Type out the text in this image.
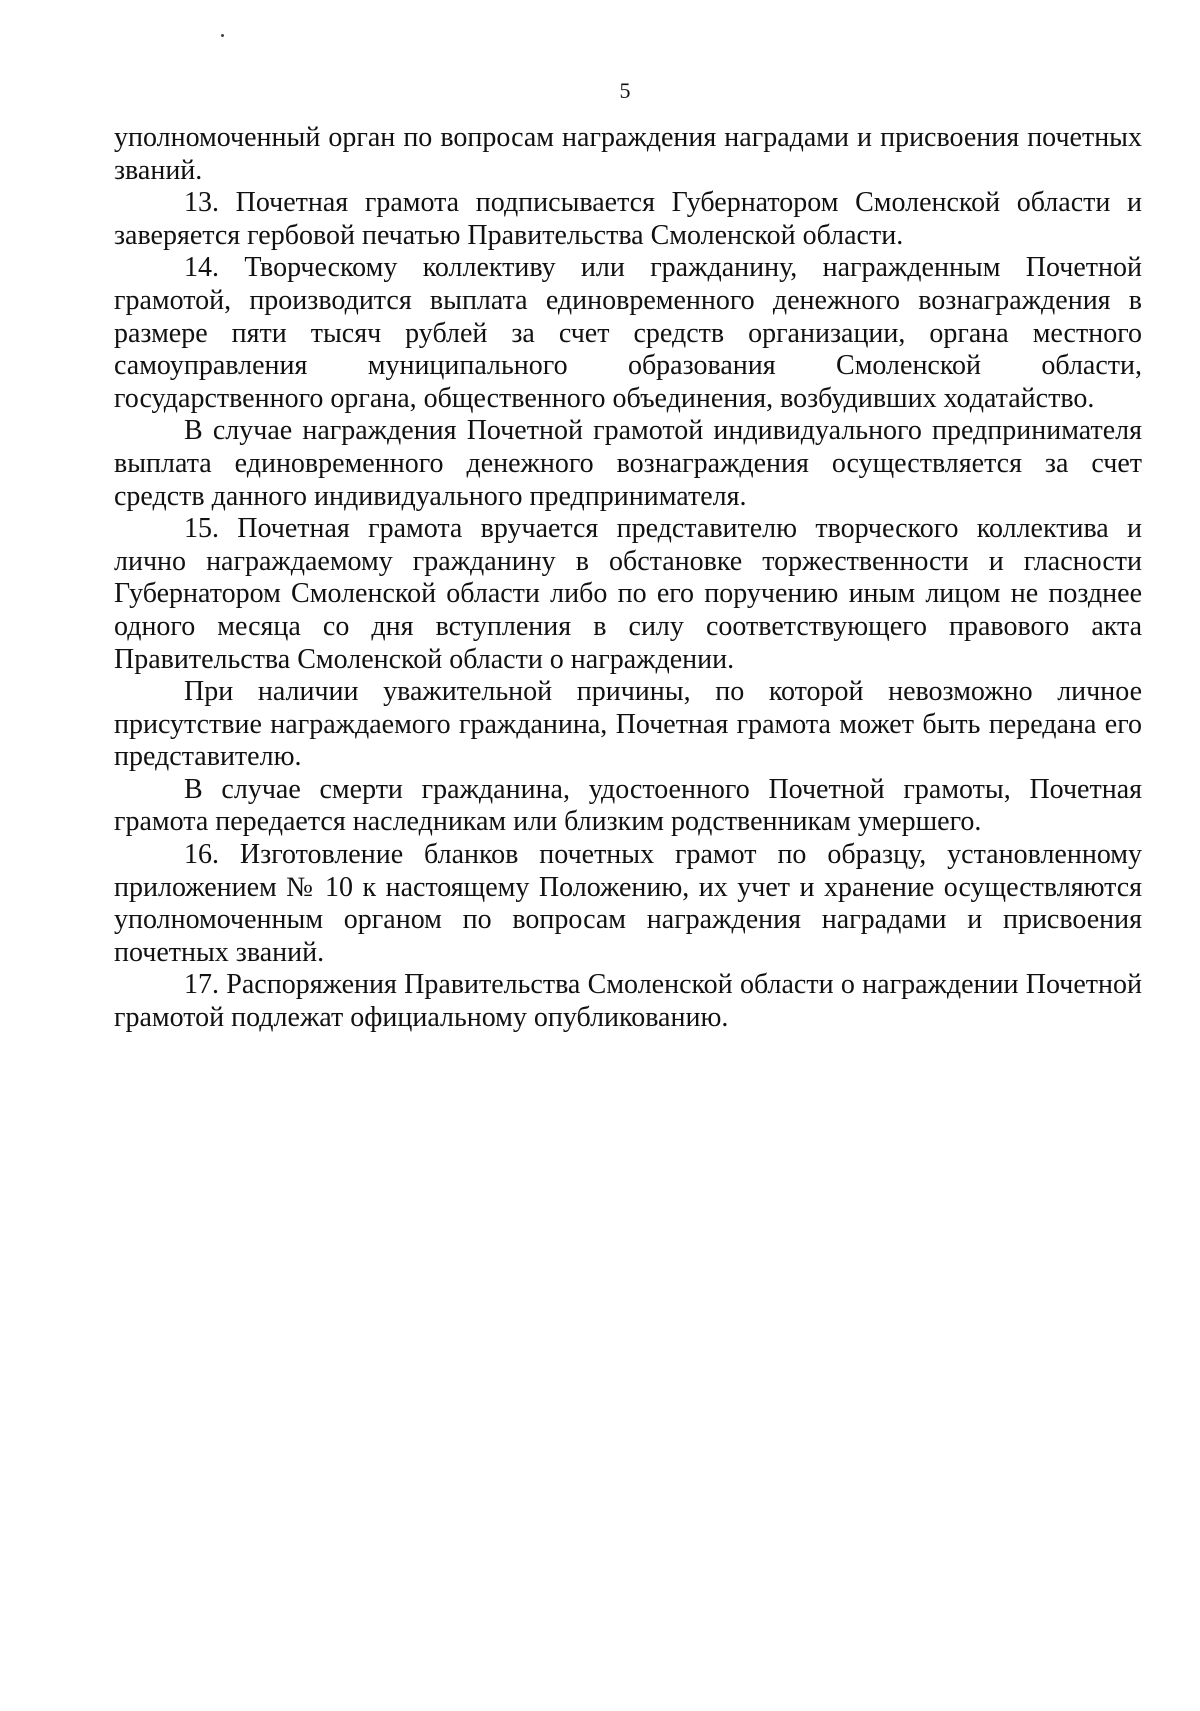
5

уполномоченный орган по вопросам награждения наградами и присвоения почетных званий.

13. Почетная грамота подписывается Губернатором Смоленской области и заверяется гербовой печатью Правительства Смоленской области.

14. Творческому коллективу или гражданину, награжденным Почетной грамотой, производится выплата единовременного денежного вознаграждения в размере пяти тысяч рублей за счет средств организации, органа местного самоуправления муниципального образования Смоленской области, государственного органа, общественного объединения, возбудивших ходатайство.

В случае награждения Почетной грамотой индивидуального предпринимателя выплата единовременного денежного вознаграждения осуществляется за счет средств данного индивидуального предпринимателя.

15. Почетная грамота вручается представителю творческого коллектива и лично награждаемому гражданину в обстановке торжественности и гласности Губернатором Смоленской области либо по его поручению иным лицом не позднее одного месяца со дня вступления в силу соответствующего правового акта Правительства Смоленской области о награждении.

При наличии уважительной причины, по которой невозможно личное присутствие награждаемого гражданина, Почетная грамота может быть передана его представителю.

В случае смерти гражданина, удостоенного Почетной грамоты, Почетная грамота передается наследникам или близким родственникам умершего.

16. Изготовление бланков почетных грамот по образцу, установленному приложением № 10 к настоящему Положению, их учет и хранение осуществляются уполномоченным органом по вопросам награждения наградами и присвоения почетных званий.

17. Распоряжения Правительства Смоленской области о награждении Почетной грамотой подлежат официальному опубликованию.
